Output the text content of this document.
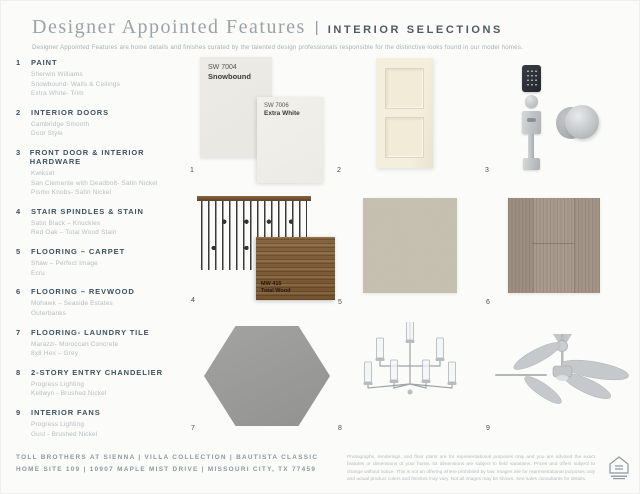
Designer Appointed Features | INTERIOR SELECTIONS
Designer Appointed Features are home details and finishes curated by the talented design professionals responsible for the distinctive looks found in our model homes.
1	PAINT
Sherwin Williams
Snowbound- Walls & Ceilings
Extra White- Trim
2	INTERIOR DOORS
Cambridge Smooth
Door Style
3	FRONT DOOR & INTERIOR HARDWARE
Kwikset
San Clemente with Deadbolt- Satin Nickel
Pismo Knobs- Satin Nickel
4	STAIR SPINDLES & STAIN
Satin Black – Knuckles
Red Oak – Total Wood Stain
5	FLOORING – CARPET
Shaw – Perfect Image
Ecru
6	FLOORING – REVWOOD
Mohawk – Seaside Estates
Outerbanks
7	FLOORING- LAUNDRY TILE
Marazzi- Moroccan Concrete
8x8 Hex – Grey
8	2-STORY ENTRY CHANDELIER
Progress Lighting
Kellwyn - Brushed Nickel
9	INTERIOR FANS
Progress Lighting
Gust - Brushed Nickel
SW 7004
Snowbound
SW 7006
Extra White
1	2	3
MW 415
Total Wood
4	5	6
7	8	9
TOLL BROTHERS AT SIENNA | VILLA COLLECTION | BAUTISTA CLASSIC
HOME SITE 109 | 10907 MAPLE MIST DRIVE | MISSOURI CITY, TX 77459
Photographs, renderings, and floor plans are for representational purposes only and you are advised the exact features or dimensions of your home, lot dimensions are subject to field variations. Prices and offers subject to change without notice. This is not an offering where prohibited by law. Images are for representational purposes only and actual product colors and finishes may vary. Not all images may be shown. See sales consultants for details.
